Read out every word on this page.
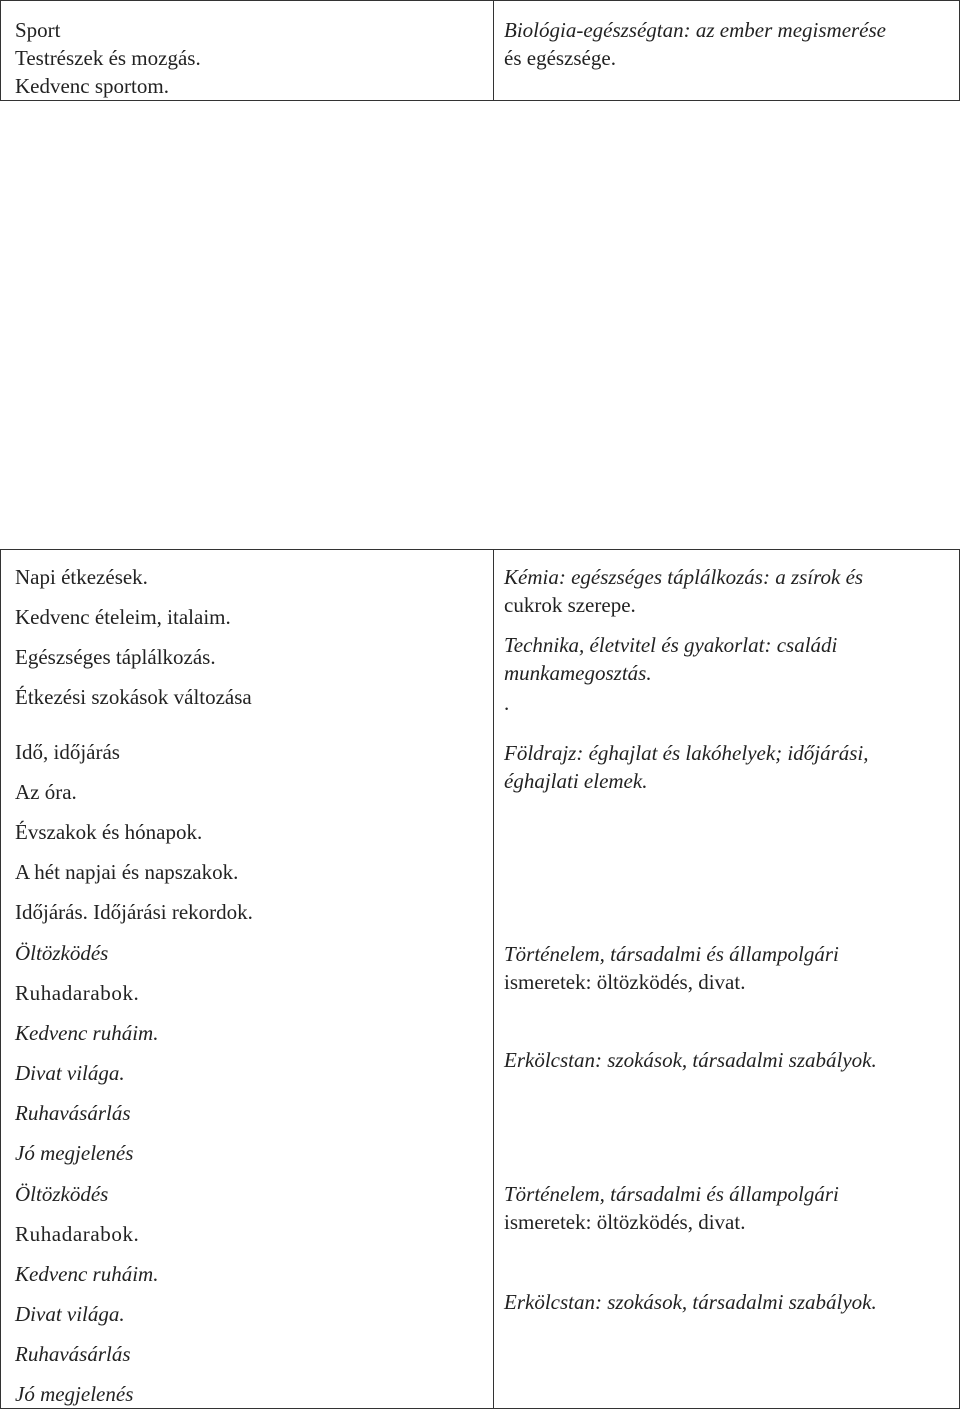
Sport
Testrészek és mozgás.
Kedvenc sportom.
Biológia-egészségtan: az ember megismerése
és egészsége.
Napi étkezések.
Kedvenc ételeim, italaim.
Egészséges táplálkozás.
Étkezési szokások változása
Idő, időjárás
Az óra.
Évszakok és hónapok.
A hét napjai és napszakok.
Időjárás. Időjárási rekordok.
Öltözködés
Ruhadarabok.
Kedvenc ruháim.
Divat világa.
Ruhavásárlás
Jó megjelenés
Öltözködés
Ruhadarabok.
Kedvenc ruháim.
Divat világa.
Ruhavásárlás
Jó megjelenés
Kémia: egészséges táplálkozás: a zsírok és
cukrok szerepe.
Technika, életvitel és gyakorlat: családi
munkamegosztás.
.
Földrajz: éghajlat és lakóhelyek; időjárási,
éghajlati elemek.
Történelem, társadalmi és állampolgári
ismeretek: öltözködés, divat.
Erkölcstan: szokások, társadalmi szabályok.
Történelem, társadalmi és állampolgári
ismeretek: öltözködés, divat.
Erkölcstan: szokások, társadalmi szabályok.
